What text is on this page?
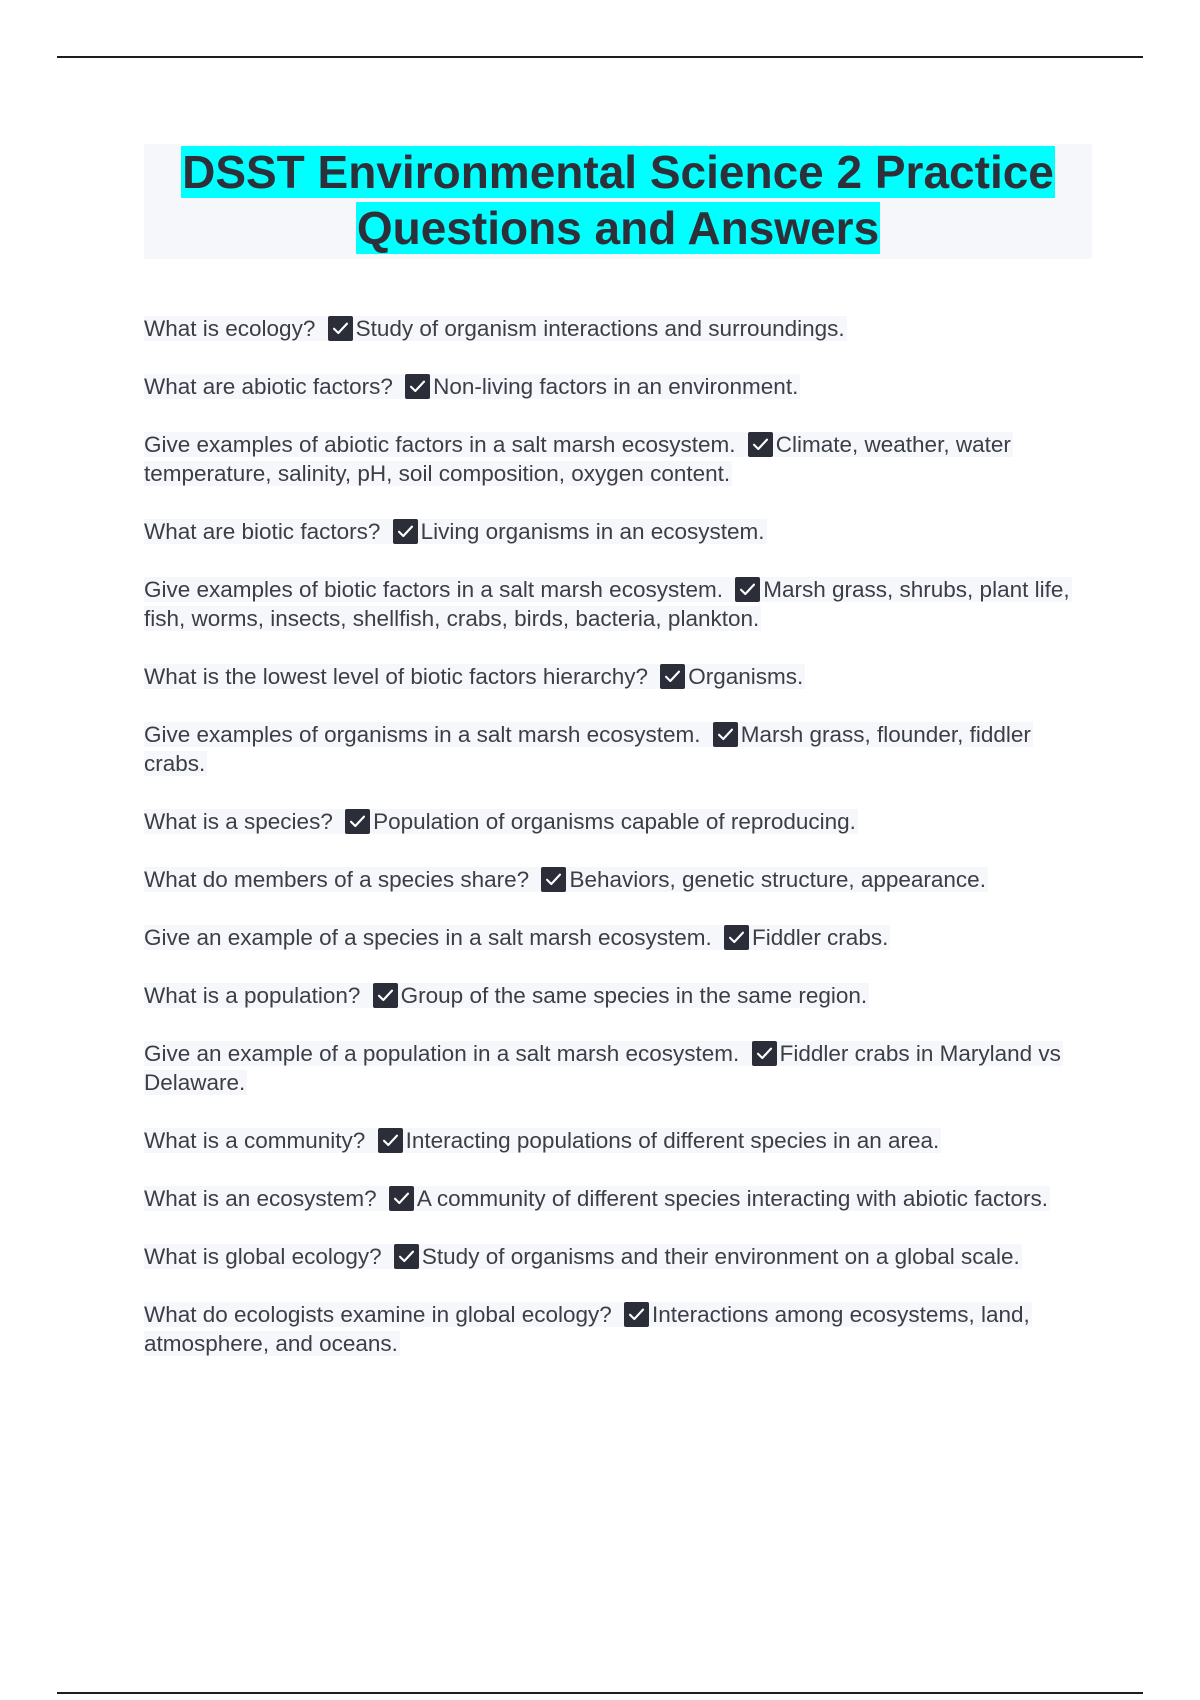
DSST Environmental Science 2 Practice Questions and Answers

What is ecology? Study of organism interactions and surroundings.

What are abiotic factors? Non-living factors in an environment.

Give examples of abiotic factors in a salt marsh ecosystem. Climate, weather, water temperature, salinity, pH, soil composition, oxygen content.

What are biotic factors? Living organisms in an ecosystem.

Give examples of biotic factors in a salt marsh ecosystem. Marsh grass, shrubs, plant life, fish, worms, insects, shellfish, crabs, birds, bacteria, plankton.

What is the lowest level of biotic factors hierarchy? Organisms.

Give examples of organisms in a salt marsh ecosystem. Marsh grass, flounder, fiddler crabs.

What is a species? Population of organisms capable of reproducing.

What do members of a species share? Behaviors, genetic structure, appearance.

Give an example of a species in a salt marsh ecosystem. Fiddler crabs.

What is a population? Group of the same species in the same region.

Give an example of a population in a salt marsh ecosystem. Fiddler crabs in Maryland vs Delaware.

What is a community? Interacting populations of different species in an area.

What is an ecosystem? A community of different species interacting with abiotic factors.

What is global ecology? Study of organisms and their environment on a global scale.

What do ecologists examine in global ecology? Interactions among ecosystems, land, atmosphere, and oceans.
